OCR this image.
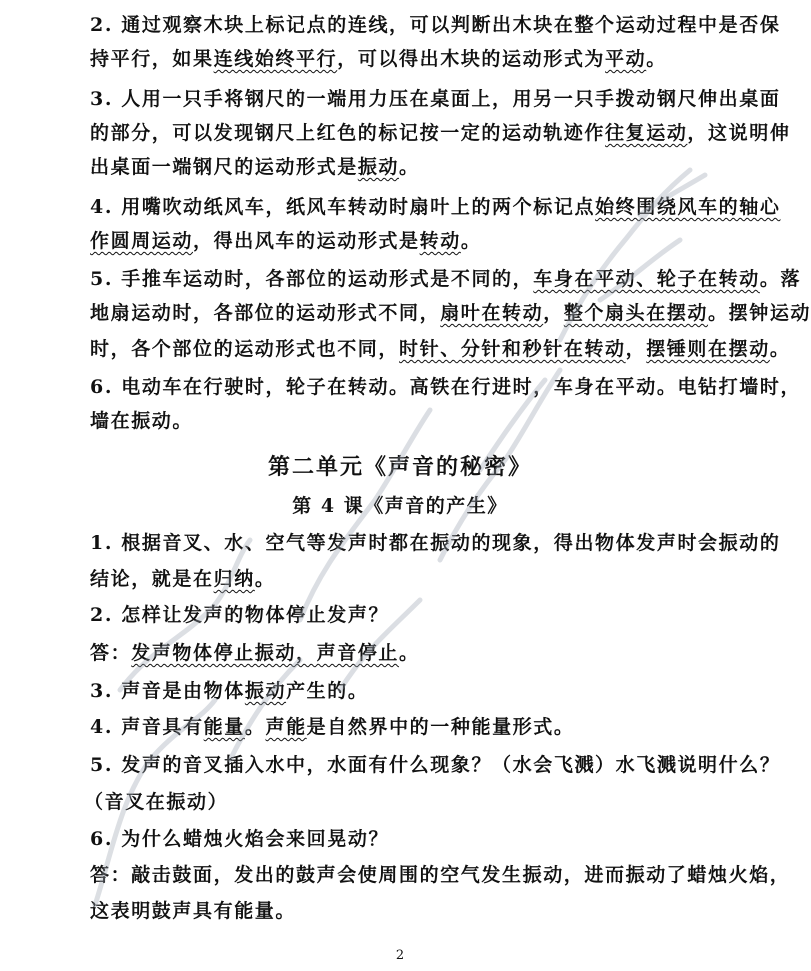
2. 通过观察木块上标记点的连线，可以判断出木块在整个运动过程中是否保
持平行，如果连线始终平行，可以得出木块的运动形式为平动。
3. 人用一只手将钢尺的一端用力压在桌面上，用另一只手拨动钢尺伸出桌面
的部分，可以发现钢尺上红色的标记按一定的运动轨迹作往复运动，这说明伸
出桌面一端钢尺的运动形式是振动。
4. 用嘴吹动纸风车，纸风车转动时扇叶上的两个标记点始终围绕风车的轴心
作圆周运动，得出风车的运动形式是转动。
5. 手推车运动时，各部位的运动形式是不同的，车身在平动、轮子在转动。落
地扇运动时，各部位的运动形式不同，扇叶在转动，整个扇头在摆动。摆钟运动
时，各个部位的运动形式也不同，时针、分针和秒针在转动，摆锤则在摆动。
6. 电动车在行驶时，轮子在转动。高铁在行进时，车身在平动。电钻打墙时，
墙在振动。
第二单元《声音的秘密》
第 4 课《声音的产生》
1. 根据音叉、水、空气等发声时都在振动的现象，得出物体发声时会振动的
结论，就是在归纳。
2. 怎样让发声的物体停止发声？
答：发声物体停止振动，声音停止。
3. 声音是由物体振动产生的。
4. 声音具有能量。声能是自然界中的一种能量形式。
5. 发声的音叉插入水中，水面有什么现象？（水会飞溅）水飞溅说明什么？
（音叉在振动）
6. 为什么蜡烛火焰会来回晃动？
答：敲击鼓面，发出的鼓声会使周围的空气发生振动，进而振动了蜡烛火焰，
这表明鼓声具有能量。
2
